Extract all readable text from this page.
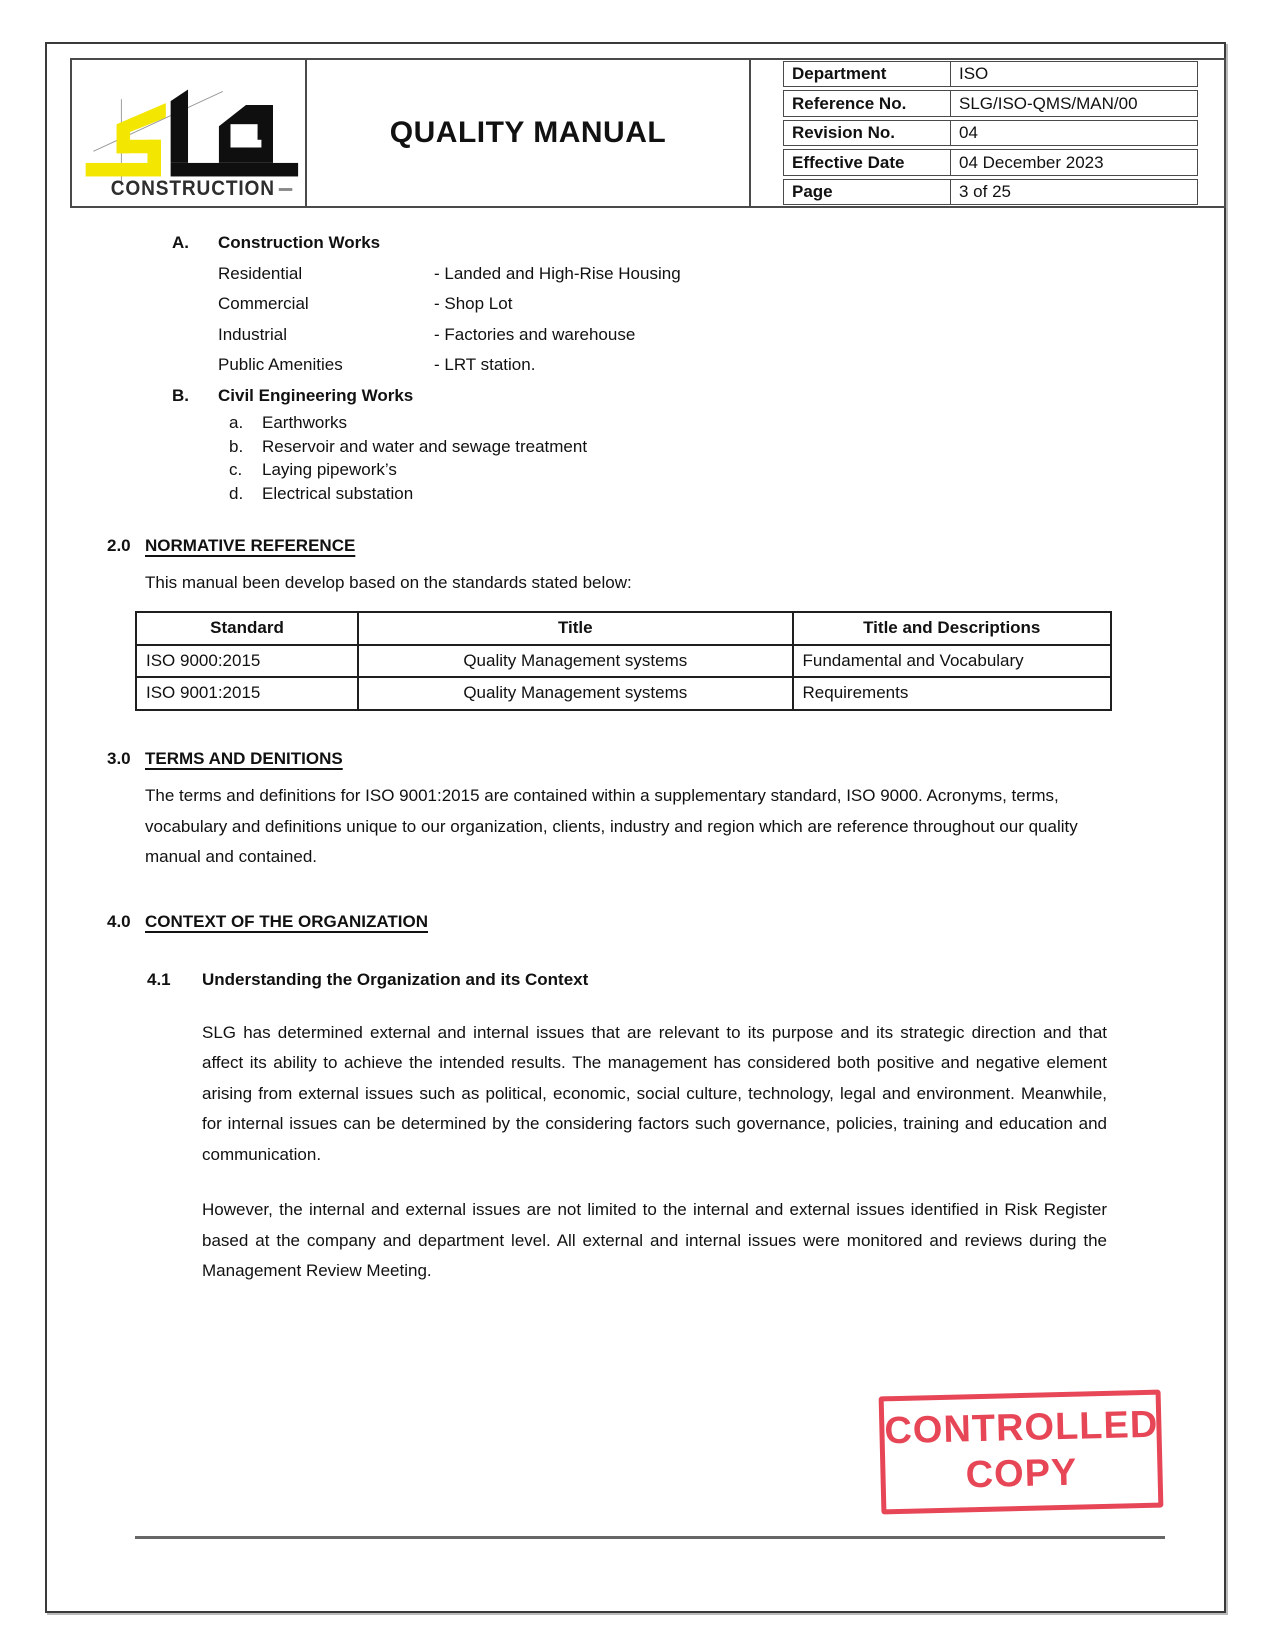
CONSTRUCTION
QUALITY MANUAL
Department	ISO
Reference No.	SLG/ISO-QMS/MAN/00
Revision No.	04
Effective Date	04 December 2023
Page	3 of 25
A.	Construction Works
Residential	- Landed and High-Rise Housing
Commercial	- Shop Lot
Industrial	- Factories and warehouse
Public Amenities	- LRT station.
B.	Civil Engineering Works
a.	Earthworks
b.	Reservoir and water and sewage treatment
c.	Laying pipework’s
d.	Electrical substation
2.0 NORMATIVE REFERENCE
This manual been develop based on the standards stated below:
Standard	Title	Title and Descriptions
ISO 9000:2015	Quality Management systems	Fundamental and Vocabulary
ISO 9001:2015	Quality Management systems	Requirements
3.0 TERMS AND DENITIONS
The terms and definitions for ISO 9001:2015 are contained within a supplementary standard, ISO 9000. Acronyms, terms, vocabulary and definitions unique to our organization, clients, industry and region which are reference throughout our quality manual and contained.
4.0 CONTEXT OF THE ORGANIZATION
4.1	Understanding the Organization and its Context
SLG has determined external and internal issues that are relevant to its purpose and its strategic direction and that affect its ability to achieve the intended results. The management has considered both positive and negative element arising from external issues such as political, economic, social culture, technology, legal and environment. Meanwhile, for internal issues can be determined by the considering factors such governance, policies, training and education and communication.
However, the internal and external issues are not limited to the internal and external issues identified in Risk Register based at the company and department level. All external and internal issues were monitored and reviews during the Management Review Meeting.
CONTROLLED
COPY
